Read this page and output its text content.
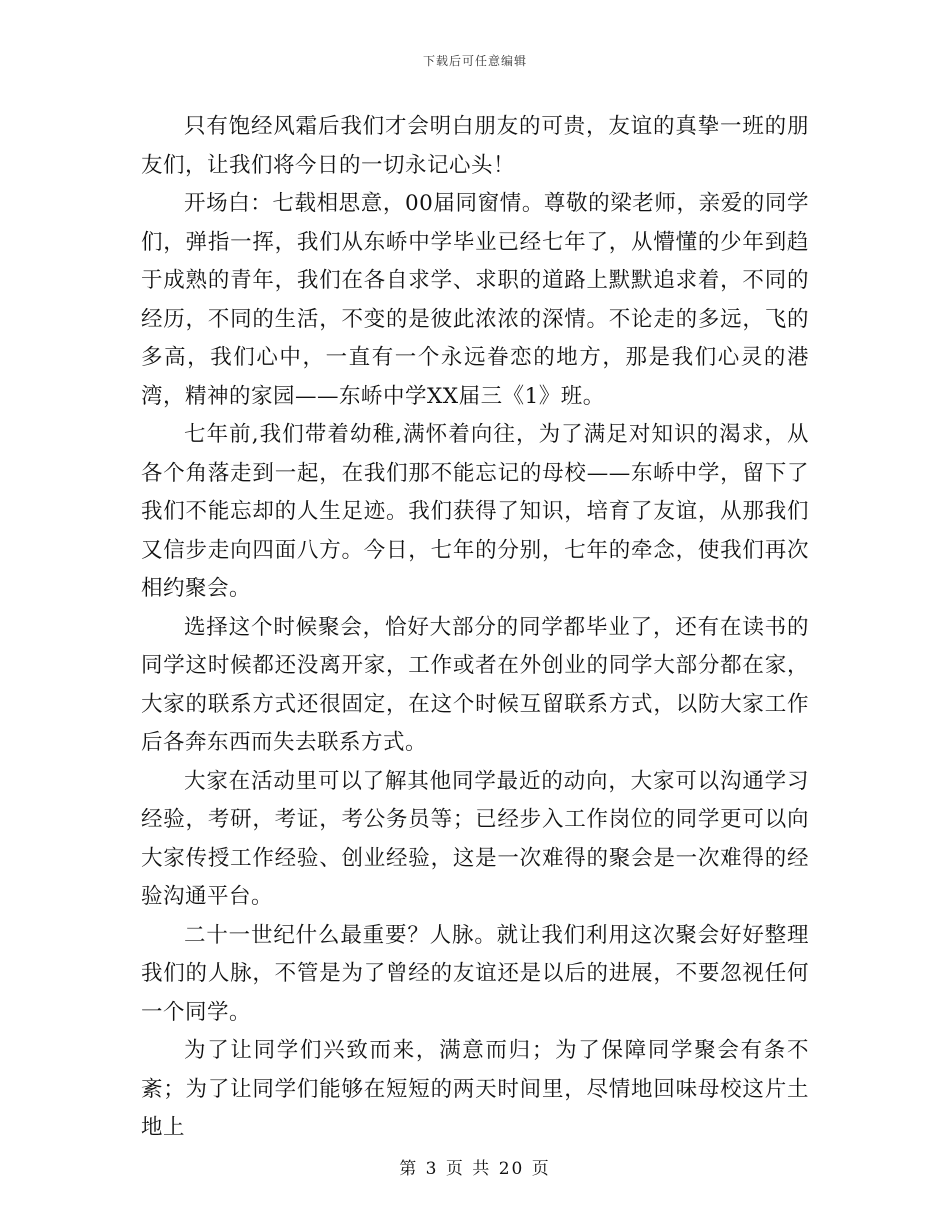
下载后可任意编辑

只有饱经风霜后我们才会明白朋友的可贵，友谊的真挚一班的朋友们，让我们将今日的一切永记心头！

开场白：七载相思意，00届同窗情。尊敬的梁老师，亲爱的同学们，弹指一挥，我们从东峤中学毕业已经七年了，从懵懂的少年到趋于成熟的青年，我们在各自求学、求职的道路上默默追求着，不同的经历，不同的生活，不变的是彼此浓浓的深情。不论走的多远，飞的多高，我们心中，一直有一个永远眷恋的地方，那是我们心灵的港湾，精神的家园——东峤中学XX届三《1》班。

七年前,我们带着幼稚,满怀着向往，为了满足对知识的渴求，从各个角落走到一起，在我们那不能忘记的母校——东峤中学，留下了我们不能忘却的人生足迹。我们获得了知识，培育了友谊，从那我们又信步走向四面八方。今日，七年的分别，七年的牵念，使我们再次相约聚会。

选择这个时候聚会，恰好大部分的同学都毕业了，还有在读书的同学这时候都还没离开家，工作或者在外创业的同学大部分都在家，大家的联系方式还很固定，在这个时候互留联系方式，以防大家工作后各奔东西而失去联系方式。

大家在活动里可以了解其他同学最近的动向，大家可以沟通学习经验，考研，考证，考公务员等；已经步入工作岗位的同学更可以向大家传授工作经验、创业经验，这是一次难得的聚会是一次难得的经验沟通平台。

二十一世纪什么最重要？人脉。就让我们利用这次聚会好好整理我们的人脉，不管是为了曾经的友谊还是以后的进展，不要忽视任何一个同学。

为了让同学们兴致而来，满意而归；为了保障同学聚会有条不紊；为了让同学们能够在短短的两天时间里，尽情地回味母校这片土地上

第 3 页 共 20 页
